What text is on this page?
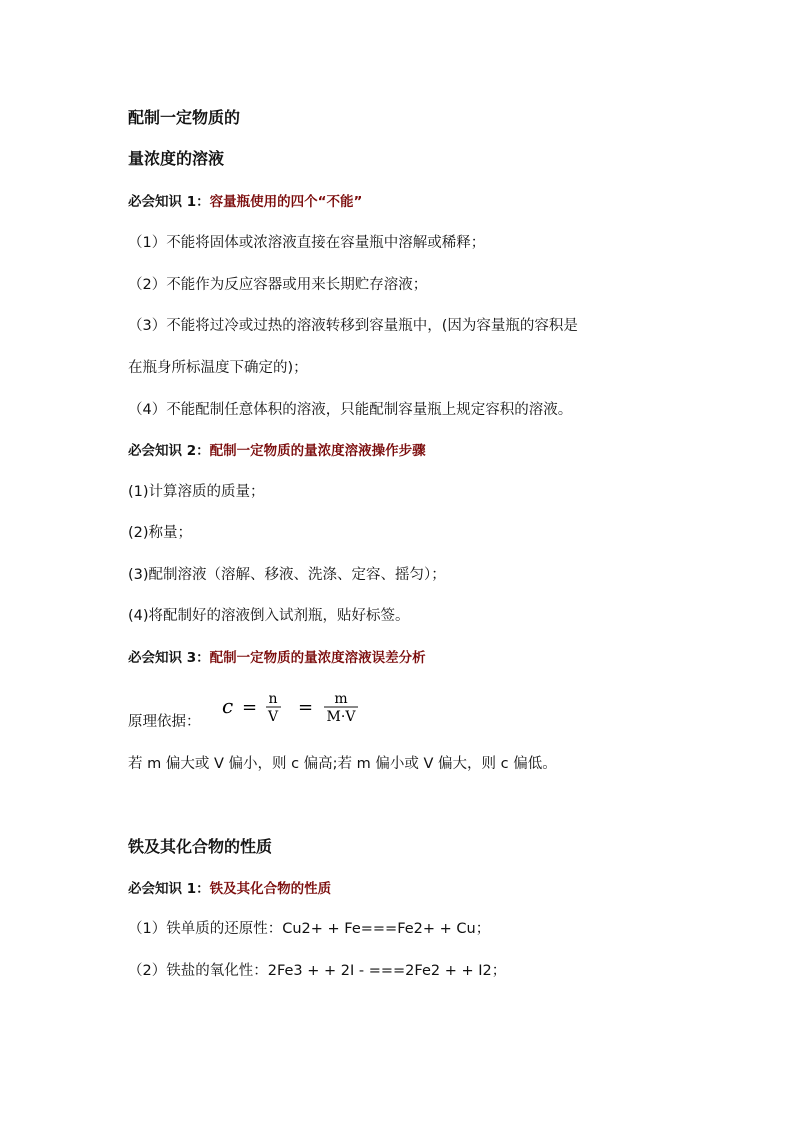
配制一定物质的
量浓度的溶液
必会知识 1：容量瓶使用的四个“不能”
（1）不能将固体或浓溶液直接在容量瓶中溶解或稀释；
（2）不能作为反应容器或用来长期贮存溶液；
（3）不能将过冷或过热的溶液转移到容量瓶中，(因为容量瓶的容积是
在瓶身所标温度下确定的)；
（4）不能配制任意体积的溶液，只能配制容量瓶上规定容积的溶液。
必会知识 2：配制一定物质的量浓度溶液操作步骤
(1)计算溶质的质量；
(2)称量；
(3)配制溶液（溶解、移液、洗涤、定容、摇匀）；
(4)将配制好的溶液倒入试剂瓶，贴好标签。
必会知识 3：配制一定物质的量浓度溶液误差分析
原理依据：
c = n
V = m
M·V
若 m 偏大或 V 偏小，则 c 偏高;若 m 偏小或 V 偏大，则 c 偏低。
铁及其化合物的性质
必会知识 1：铁及其化合物的性质
（1）铁单质的还原性：Cu2+ + Fe===Fe2+ + Cu；
（2）铁盐的氧化性：2Fe3 + + 2I - ===2Fe2 + + I2；
